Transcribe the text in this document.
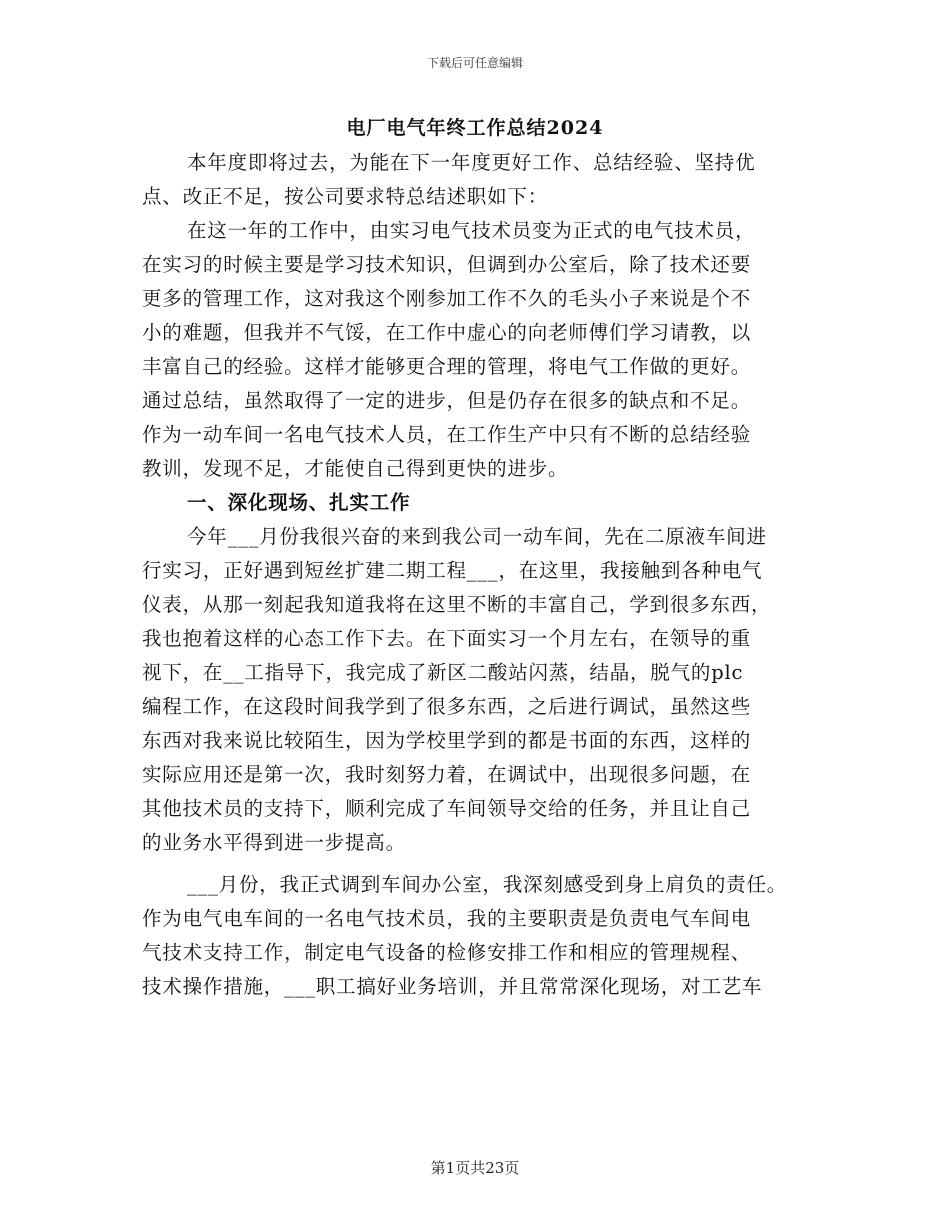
下载后可任意编辑
电厂电气年终工作总结2024
本年度即将过去，为能在下一年度更好工作、总结经验、坚持优
点、改正不足，按公司要求特总结述职如下：
在这一年的工作中，由实习电气技术员变为正式的电气技术员，
在实习的时候主要是学习技术知识，但调到办公室后，除了技术还要
更多的管理工作，这对我这个刚参加工作不久的毛头小子来说是个不
小的难题，但我并不气馁，在工作中虚心的向老师傅们学习请教，以
丰富自己的经验。这样才能够更合理的管理，将电气工作做的更好。
通过总结，虽然取得了一定的进步，但是仍存在很多的缺点和不足。
作为一动车间一名电气技术人员，在工作生产中只有不断的总结经验
教训，发现不足，才能使自己得到更快的进步。
一、深化现场、扎实工作
今年___月份我很兴奋的来到我公司一动车间，先在二原液车间进
行实习，正好遇到短丝扩建二期工程___，在这里，我接触到各种电气
仪表，从那一刻起我知道我将在这里不断的丰富自己，学到很多东西，
我也抱着这样的心态工作下去。在下面实习一个月左右，在领导的重
视下，在__工指导下，我完成了新区二酸站闪蒸，结晶，脱气的plc
编程工作，在这段时间我学到了很多东西，之后进行调试，虽然这些
东西对我来说比较陌生，因为学校里学到的都是书面的东西，这样的
实际应用还是第一次，我时刻努力着，在调试中，出现很多问题，在
其他技术员的支持下，顺利完成了车间领导交给的任务，并且让自己
的业务水平得到进一步提高。
___月份，我正式调到车间办公室，我深刻感受到身上肩负的责任。
作为电气电车间的一名电气技术员，我的主要职责是负责电气车间电
气技术支持工作，制定电气设备的检修安排工作和相应的管理规程、
技术操作措施，___职工搞好业务培训，并且常常深化现场，对工艺车
第1页共23页
